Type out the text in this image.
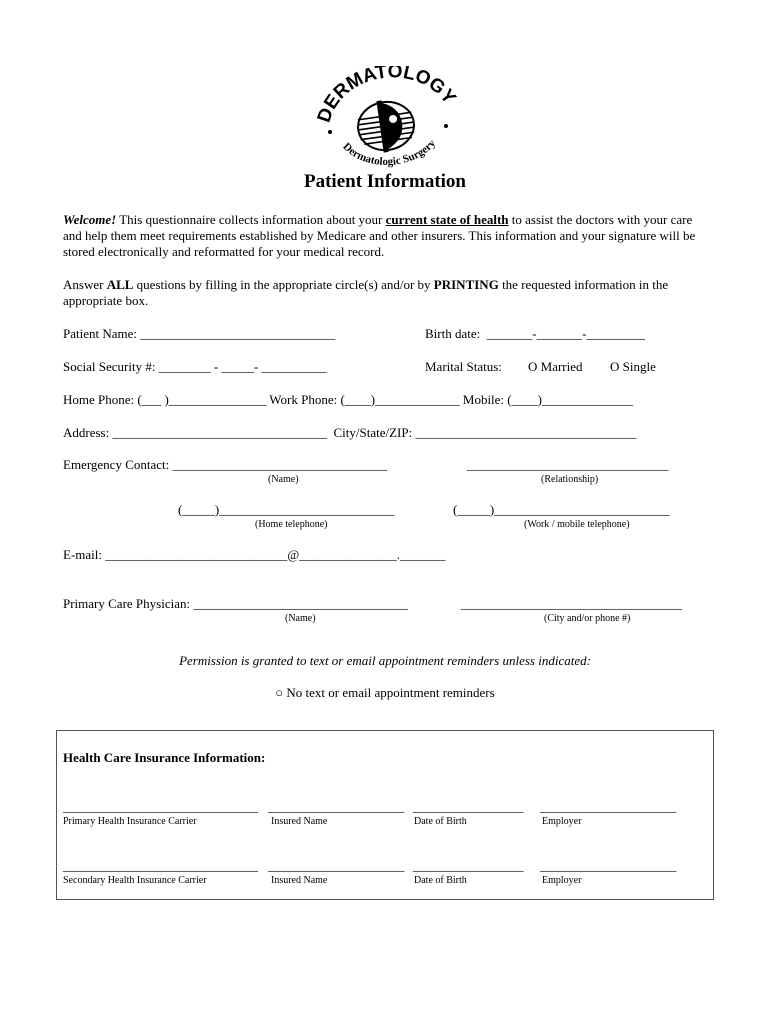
DERMATOLOGY
Dermatologic Surgery
Patient Information
Welcome! This questionnaire collects information about your current state of health to assist the doctors with your care and help them meet requirements established by Medicare and other insurers. This information and your signature will be stored electronically and reformatted for your medical record.
Answer ALL questions by filling in the appropriate circle(s) and/or by PRINTING the requested information in the appropriate box.
Patient Name: ______________________________	Birth date:  _______-_______-_________
Social Security #: ________ - _____- __________	Marital Status: O Married O Single
Home Phone: (___ )_______________ Work Phone: (____)_____________ Mobile: (____)______________
Address: _________________________________  City/State/ZIP: __________________________________
Emergency Contact: _________________________________	_______________________________
(Name)	(Relationship)
(_____)___________________________	(_____)___________________________
(Home telephone)	(Work / mobile telephone)
E-mail: ____________________________@_______________._______
Primary Care Physician: _________________________________	__________________________________
(Name)	(City and/or phone #)
Permission is granted to text or email appointment reminders unless indicated:
○ No text or email appointment reminders
Health Care Insurance Information:
______________________________ _____________________ _________________ _____________________
Primary Health Insurance Carrier	Insured Name	Date of Birth	Employer
______________________________ _____________________ _________________ _____________________
Secondary Health Insurance Carrier	Insured Name	Date of Birth	Employer
